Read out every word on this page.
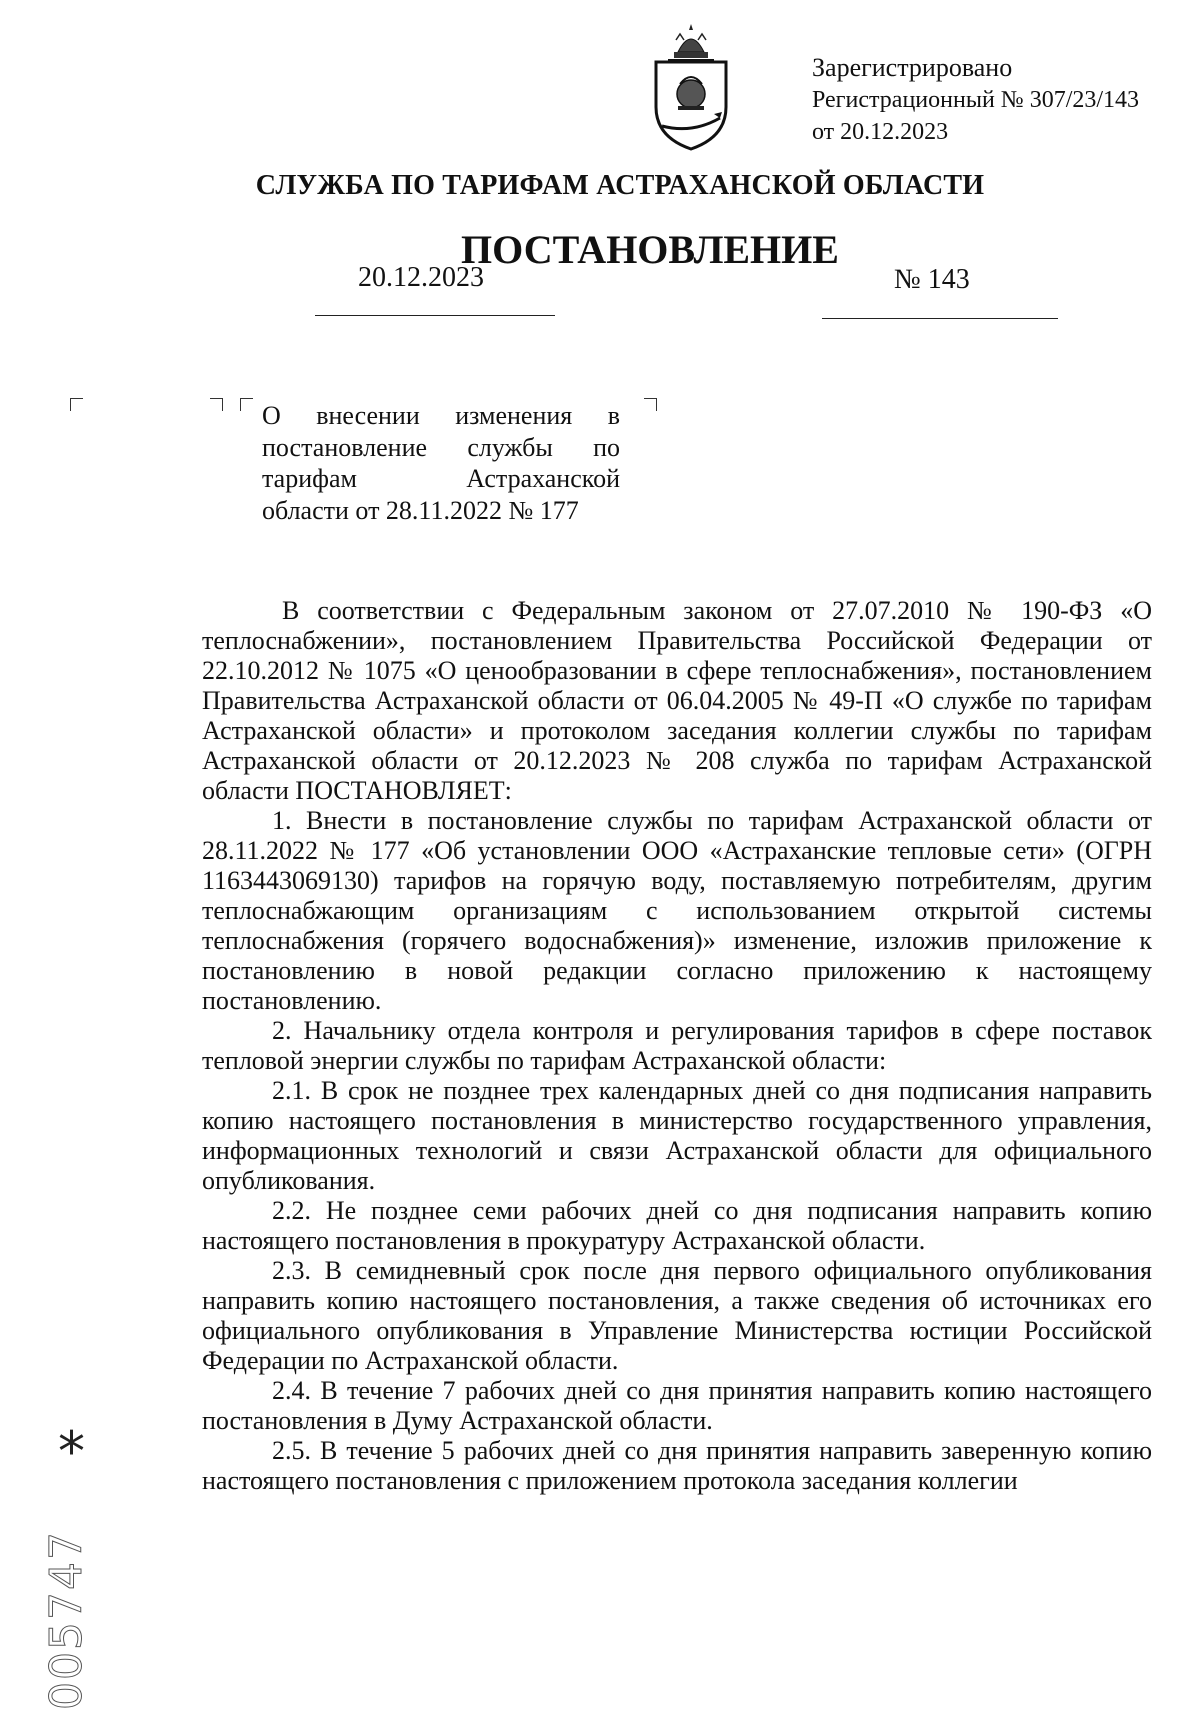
Зарегистрировано
Регистрационный № 307/23/143
от 20.12.2023
СЛУЖБА ПО ТАРИФАМ АСТРАХАНСКОЙ ОБЛАСТИ
ПОСТАНОВЛЕНИЕ
20.12.2023	№ 143
О внесении изменения в
постановление службы по
тарифам Астраханской
области от 28.11.2022 № 177

В соответствии с Федеральным законом от 27.07.2010 № 190-ФЗ «О теплоснабжении», постановлением Правительства Российской Федерации от 22.10.2012 № 1075 «О ценообразовании в сфере теплоснабжения», постановлением Правительства Астраханской области от 06.04.2005 № 49-П «О службе по тарифам Астраханской области» и протоколом заседания коллегии службы по тарифам Астраханской области от 20.12.2023 № 208 служба по тарифам Астраханской области ПОСТАНОВЛЯЕТ:

1. Внести в постановление службы по тарифам Астраханской области от 28.11.2022 № 177 «Об установлении ООО «Астраханские тепловые сети» (ОГРН 1163443069130) тарифов на горячую воду, поставляемую потребителям, другим теплоснабжающим организациям с использованием открытой системы теплоснабжения (горячего водоснабжения)» изменение, изложив приложение к постановлению в новой редакции согласно приложению к настоящему постановлению.

2. Начальнику отдела контроля и регулирования тарифов в сфере поставок тепловой энергии службы по тарифам Астраханской области:

2.1. В срок не позднее трех календарных дней со дня подписания направить копию настоящего постановления в министерство государственного управления, информационных технологий и связи Астраханской области для официального опубликования.

2.2. Не позднее семи рабочих дней со дня подписания направить копию настоящего постановления в прокуратуру Астраханской области.

2.3. В семидневный срок после дня первого официального опубликования направить копию настоящего постановления, а также сведения об источниках его официального опубликования в Управление Министерства юстиции Российской Федерации по Астраханской области.

2.4. В течение 7 рабочих дней со дня принятия направить копию настоящего постановления в Думу Астраханской области.

2.5. В течение 5 рабочих дней со дня принятия направить заверенную копию настоящего постановления с приложением протокола заседания коллегии

*
005747
